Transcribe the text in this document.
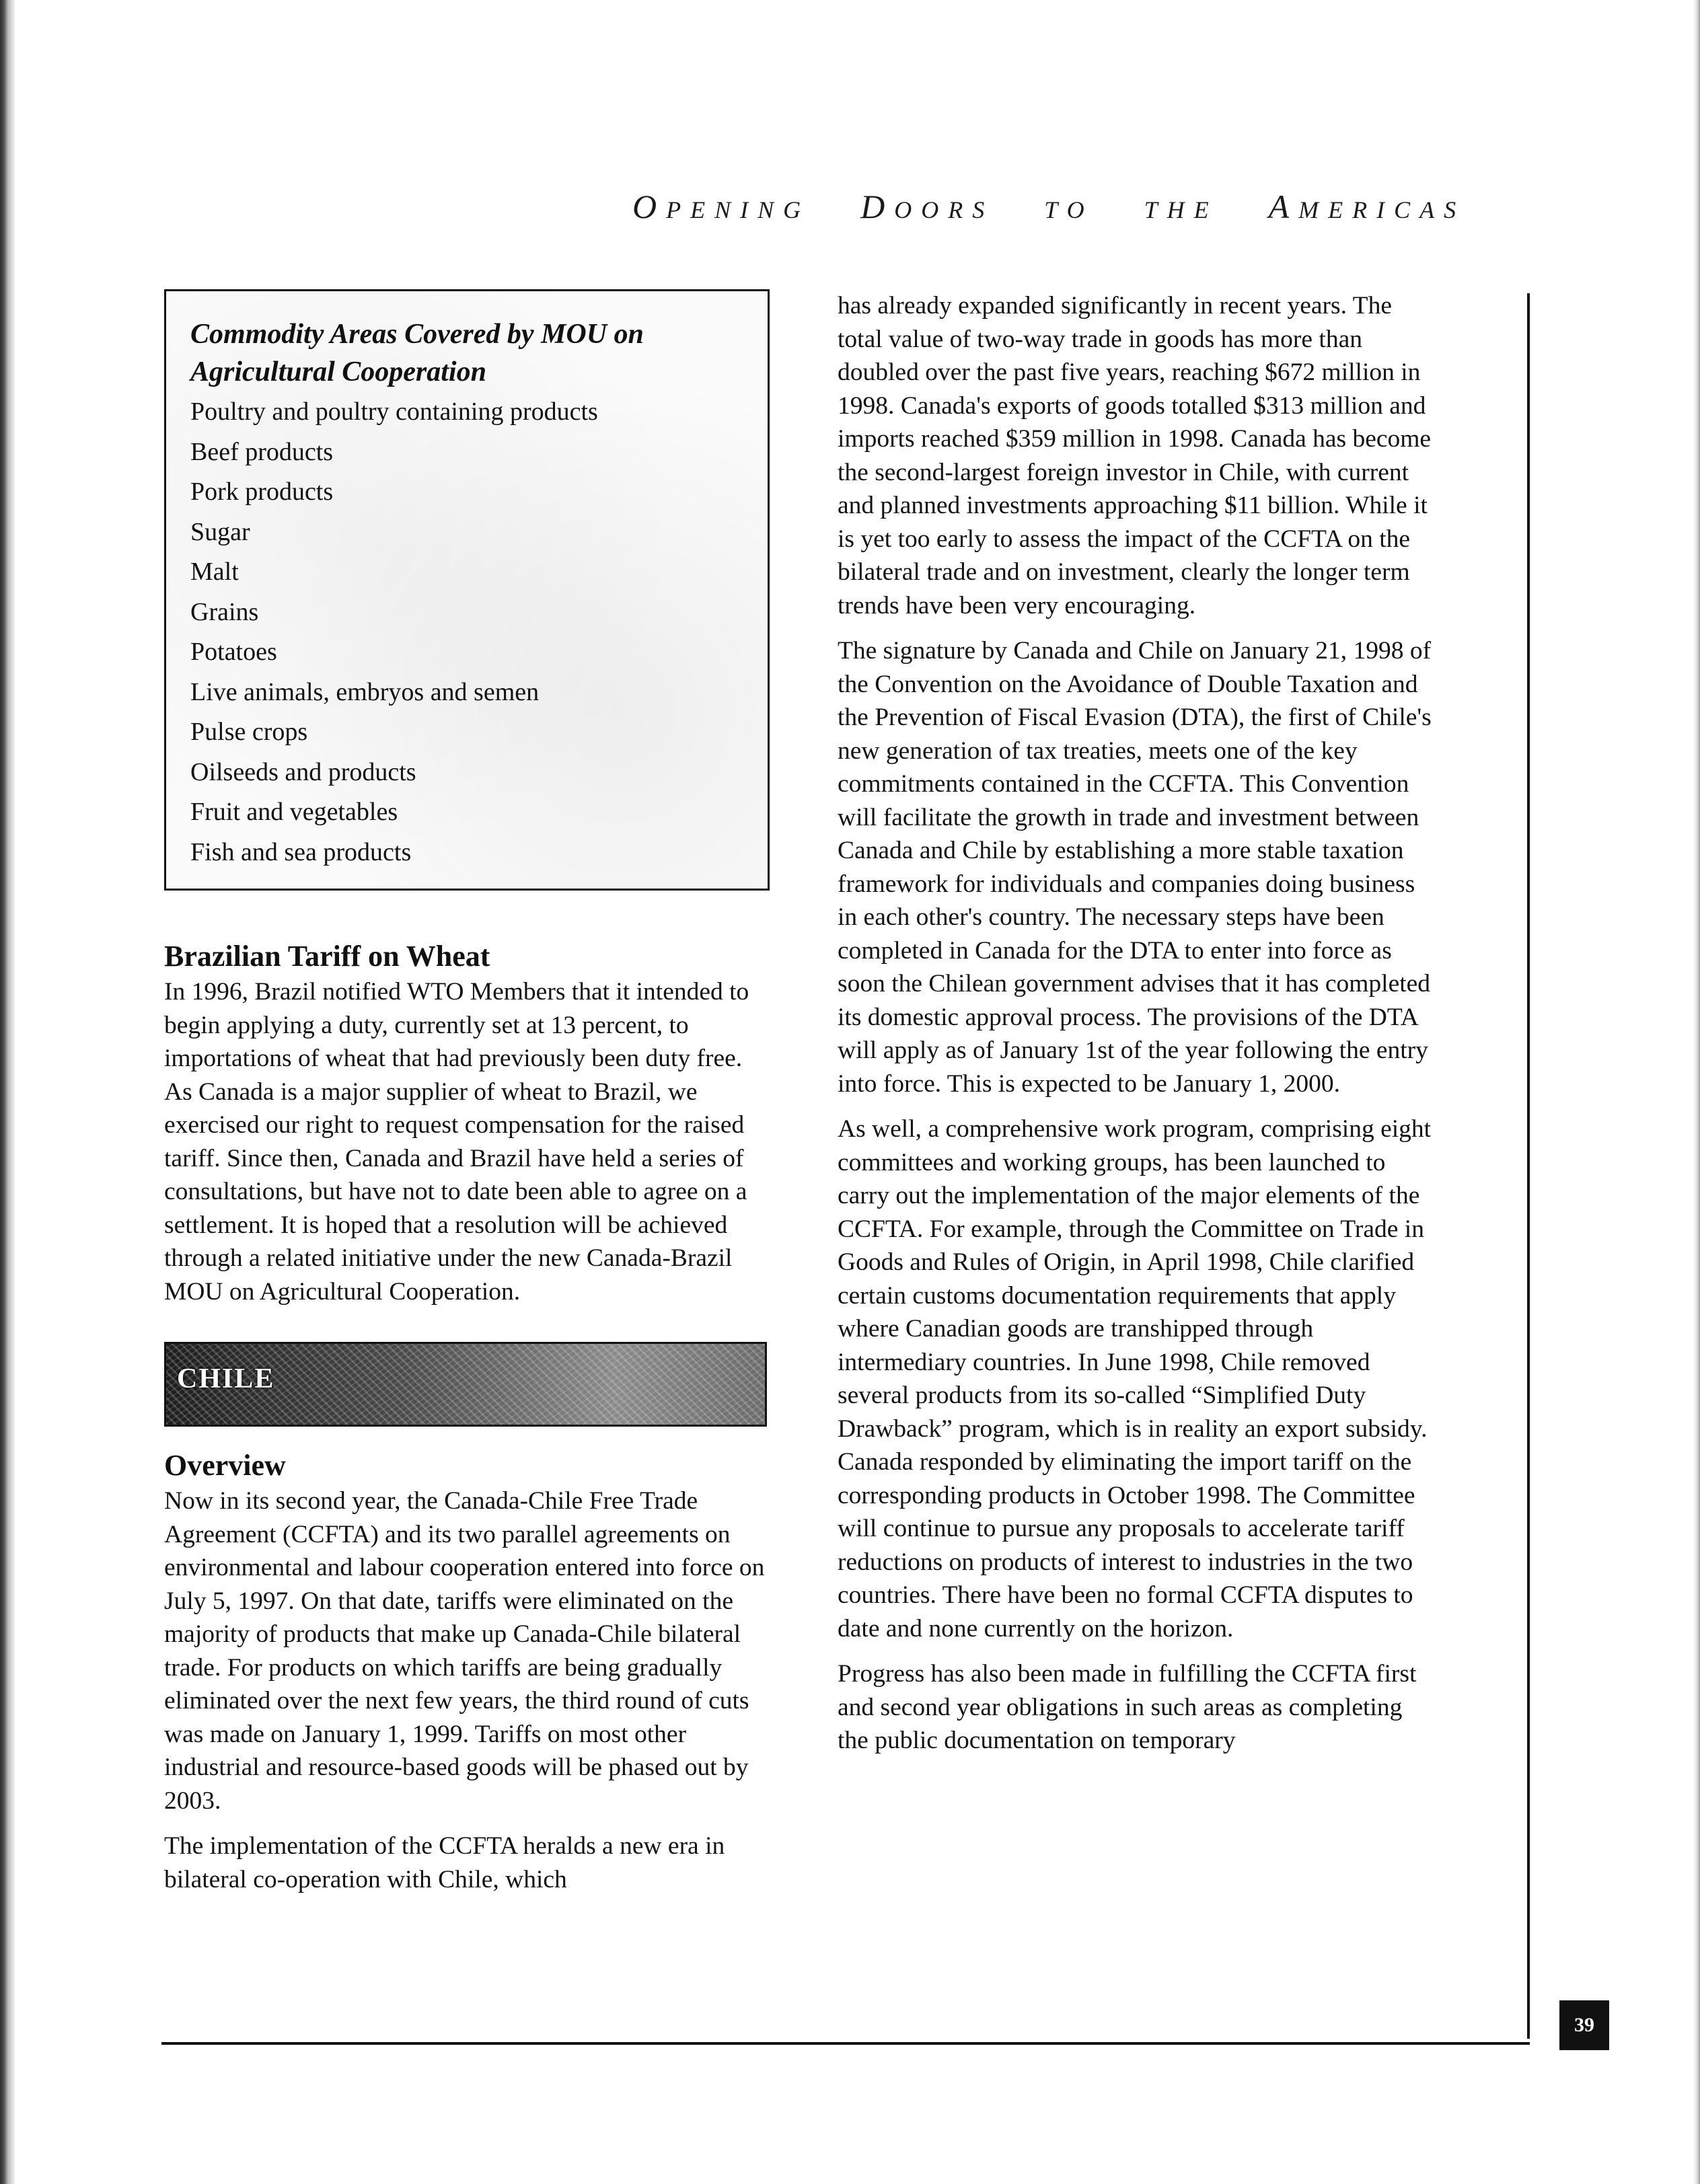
OPENING DOORS TO THE AMERICAS
Commodity Areas Covered by MOU on Agricultural Cooperation
Poultry and poultry containing products
Beef products
Pork products
Sugar
Malt
Grains
Potatoes
Live animals, embryos and semen
Pulse crops
Oilseeds and products
Fruit and vegetables
Fish and sea products
Brazilian Tariff on Wheat

In 1996, Brazil notified WTO Members that it intended to begin applying a duty, currently set at 13 percent, to importations of wheat that had previously been duty free. As Canada is a major supplier of wheat to Brazil, we exercised our right to request compensation for the raised tariff. Since then, Canada and Brazil have held a series of consultations, but have not to date been able to agree on a settlement. It is hoped that a resolution will be achieved through a related initiative under the new Canada-Brazil MOU on Agricultural Cooperation.

CHILE
Overview

Now in its second year, the Canada-Chile Free Trade Agreement (CCFTA) and its two parallel agreements on environmental and labour cooperation entered into force on July 5, 1997. On that date, tariffs were eliminated on the majority of products that make up Canada-Chile bilateral trade. For products on which tariffs are being gradually eliminated over the next few years, the third round of cuts was made on January 1, 1999. Tariffs on most other industrial and resource-based goods will be phased out by 2003.

The implementation of the CCFTA heralds a new era in bilateral co-operation with Chile, which

has already expanded significantly in recent years. The total value of two-way trade in goods has more than doubled over the past five years, reaching $672 million in 1998. Canada's exports of goods totalled $313 million and imports reached $359 million in 1998. Canada has become the second-largest foreign investor in Chile, with current and planned investments approaching $11 billion. While it is yet too early to assess the impact of the CCFTA on the bilateral trade and on investment, clearly the longer term trends have been very encouraging.

The signature by Canada and Chile on January 21, 1998 of the Convention on the Avoidance of Double Taxation and the Prevention of Fiscal Evasion (DTA), the first of Chile's new generation of tax treaties, meets one of the key commitments contained in the CCFTA. This Convention will facilitate the growth in trade and investment between Canada and Chile by establishing a more stable taxation framework for individuals and companies doing business in each other's country. The necessary steps have been completed in Canada for the DTA to enter into force as soon the Chilean government advises that it has completed its domestic approval process. The provisions of the DTA will apply as of January 1st of the year following the entry into force. This is expected to be January 1, 2000.

As well, a comprehensive work program, comprising eight committees and working groups, has been launched to carry out the implementation of the major elements of the CCFTA. For example, through the Committee on Trade in Goods and Rules of Origin, in April 1998, Chile clarified certain customs documentation requirements that apply where Canadian goods are transhipped through intermediary countries. In June 1998, Chile removed several products from its so-called “Simplified Duty Drawback” program, which is in reality an export subsidy. Canada responded by eliminating the import tariff on the corresponding products in October 1998. The Committee will continue to pursue any proposals to accelerate tariff reductions on products of interest to industries in the two countries. There have been no formal CCFTA disputes to date and none currently on the horizon.

Progress has also been made in fulfilling the CCFTA first and second year obligations in such areas as completing the public documentation on temporary

39
